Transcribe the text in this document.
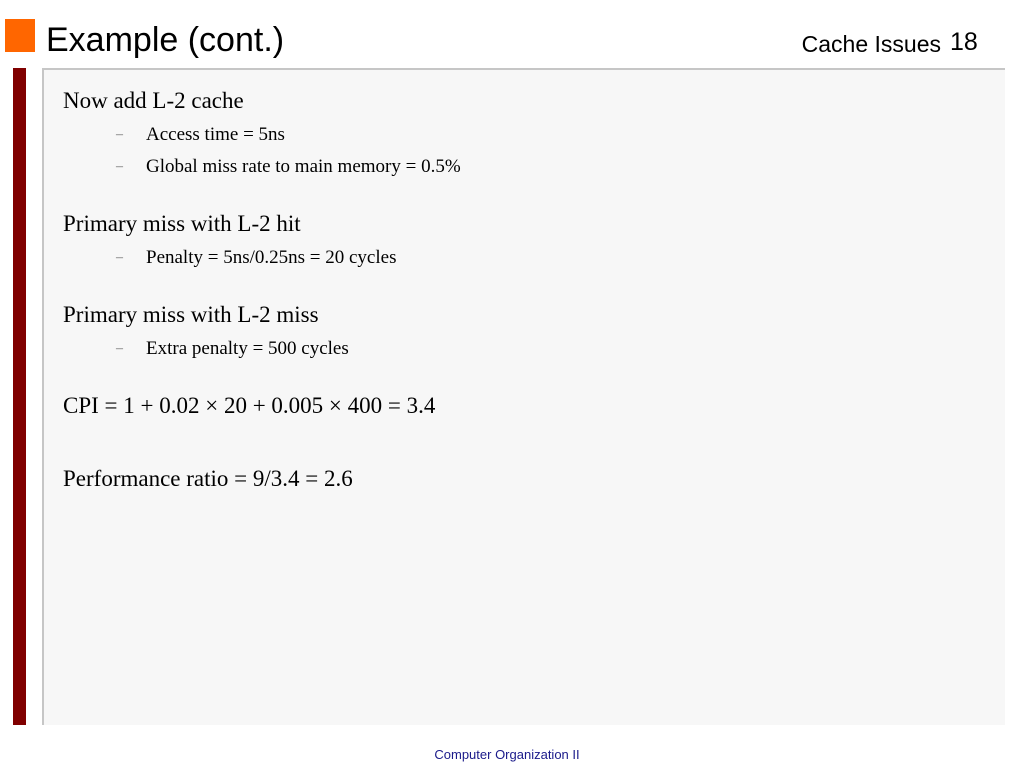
Example (cont.)	Cache Issues 18
Now add L-2 cache
– Access time = 5ns
– Global miss rate to main memory = 0.5%
Primary miss with L-2 hit
– Penalty = 5ns/0.25ns = 20 cycles
Primary miss with L-2 miss
– Extra penalty = 500 cycles
CPI = 1 + 0.02 × 20 + 0.005 × 400 = 3.4
Performance ratio = 9/3.4 = 2.6
Computer Organization II
